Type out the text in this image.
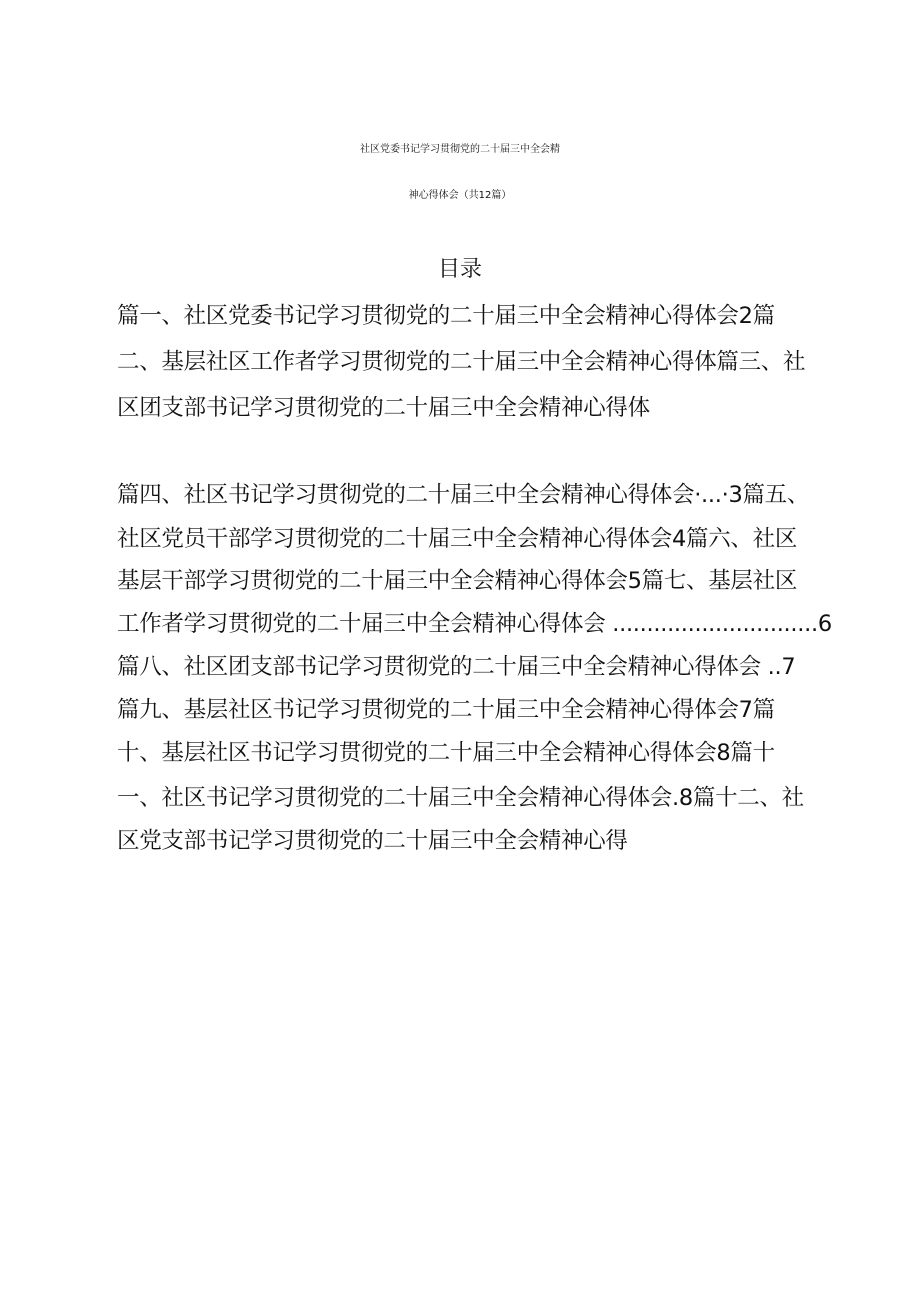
社区党委书记学习贯彻党的二十届三中全会精
神心得体会（共12篇）
目录
篇一、社区党委书记学习贯彻党的二十届三中全会精神心得体会2篇
二、基层社区工作者学习贯彻党的二十届三中全会精神心得体篇三、社
区团支部书记学习贯彻党的二十届三中全会精神心得体
篇四、社区书记学习贯彻党的二十届三中全会精神心得体会·...·3篇五、
社区党员干部学习贯彻党的二十届三中全会精神心得体会4篇六、社区
基层干部学习贯彻党的二十届三中全会精神心得体会5篇七、基层社区
工作者学习贯彻党的二十届三中全会精神心得体会 ..............................6
篇八、社区团支部书记学习贯彻党的二十届三中全会精神心得体会 ..7
篇九、基层社区书记学习贯彻党的二十届三中全会精神心得体会7篇
十、基层社区书记学习贯彻党的二十届三中全会精神心得体会8篇十
一、社区书记学习贯彻党的二十届三中全会精神心得体会.8篇十二、社
区党支部书记学习贯彻党的二十届三中全会精神心得
